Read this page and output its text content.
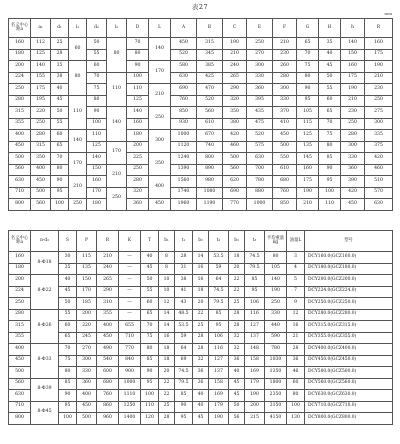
表27
mm
名义中心距a	a₁	d₁	l₁	d₂	l₂	D	L	A	B	C	E	F	G	H	h	R
160	112	25	60	50	80	70	140	450	315	190	250	210	65	35	140	160
180	125	28		55		80		520	345	210	270	230	70	40	150	175
200	140	35	80	60		90	170	580	385	240	300	260	75	45	160	190
224	155	38		70	110	100		630	425	265	330	280	80	50	175	210
250	175	40		75		110	210	690	470	290	360	300	90	55	190	230
280	195	45	110	80		125		760	520	320	395	330	95	60	210	250
315	220	50		90	140	140	250	850	560	350	435	370	105	65	230	275
355	250	55		100		160		930	610	380	475	410	115	70	250	300
400	280	60	140	110		180	300	1000	670	420	520	450	125	75	280	335
450	315	65		125	170	200		1120	740	460	575	500	135	80	300	375
500	350	70	170	140		225	350	1240	800	500	630	550	145	85	330	420
560	400	80		150	210	250		1390	890	560	700	610	160	90	360	460
630	450	90	210	160		280	400	1560	980	620	780	680	175	95	390	510
710	500	95		170	250	320		1740	1080	690	880	760	190	100	420	570
800	560	100	250	180		360	450	1960	1190	770	1000	850	210	110	450	630
名义中心距a	n-d₃	S	P	R	K	T	b₁	t₁	b₂	t₂	b₃	t₃	平均重量kg	油量L	型号
160	8-Φ18	30	115	210	—	40	8	28	14	53.5	18	74.5	80	3	DCY160.0(GCZ160.0)
180		35	135	240	—	45	8	31	16	59	20	79.5	105	4	DCY180.0(GCZ180.0)
200	8-Φ22	40	150	265	—	50	10	38	16	64	22	85	140	5	DCY200.0(GCZ200.0)
224		45	170	290	—	55	10	41	18	74.5	22	95	190	7	DCY224.0(GCZ224.0)
250		50	185	310	—	60	12	43	20	79.5	25	106	250	9	DCY250.0(GCZ250.0)
280	8-Φ26	55	200	355	—	65	14	48.5	22	85	28	116	330	12	DCY280.0(GCZ280.0)
315		60	220	400	655	70	14	53.5	25	95	28	127	440	16	DCY315.0(GCZ315.0)
355		65	245	450	710	75	16	59	28	106	32	137	590	21	DCY355.0(GCZ355.0)
400	8-Φ33	70	270	490	770	80	18	64	28	116	32	148	780	28	DCY400.0(GCZ400.0)
450		75	300	540	840	85	18	69	32	127	36	158	1030	36	DCY450.0(GCZ450.0)
500		80	330	600	900	90	20	74.5	36	137	40	169	1350	46	DCY500.0(GCZ500.0)
560	8-Φ39	85	360	680	1000	95	22	79.5	36	158	45	179	1800	60	DCY560.0(GCZ560.0)
630		90	400	760	1110	100	22	85	40	169	45	190	2350	80	DCY630.0(GCZ630.0)
710	8-Φ45	95	450	860	1250	110	25	90	40	179	50	200	3150	100	DCY710.0(GCZ710.0)
800		100	500	960	1400	120	28	95	45	190	56	215	4150	130	DCY800.0(GCZ800.0)
